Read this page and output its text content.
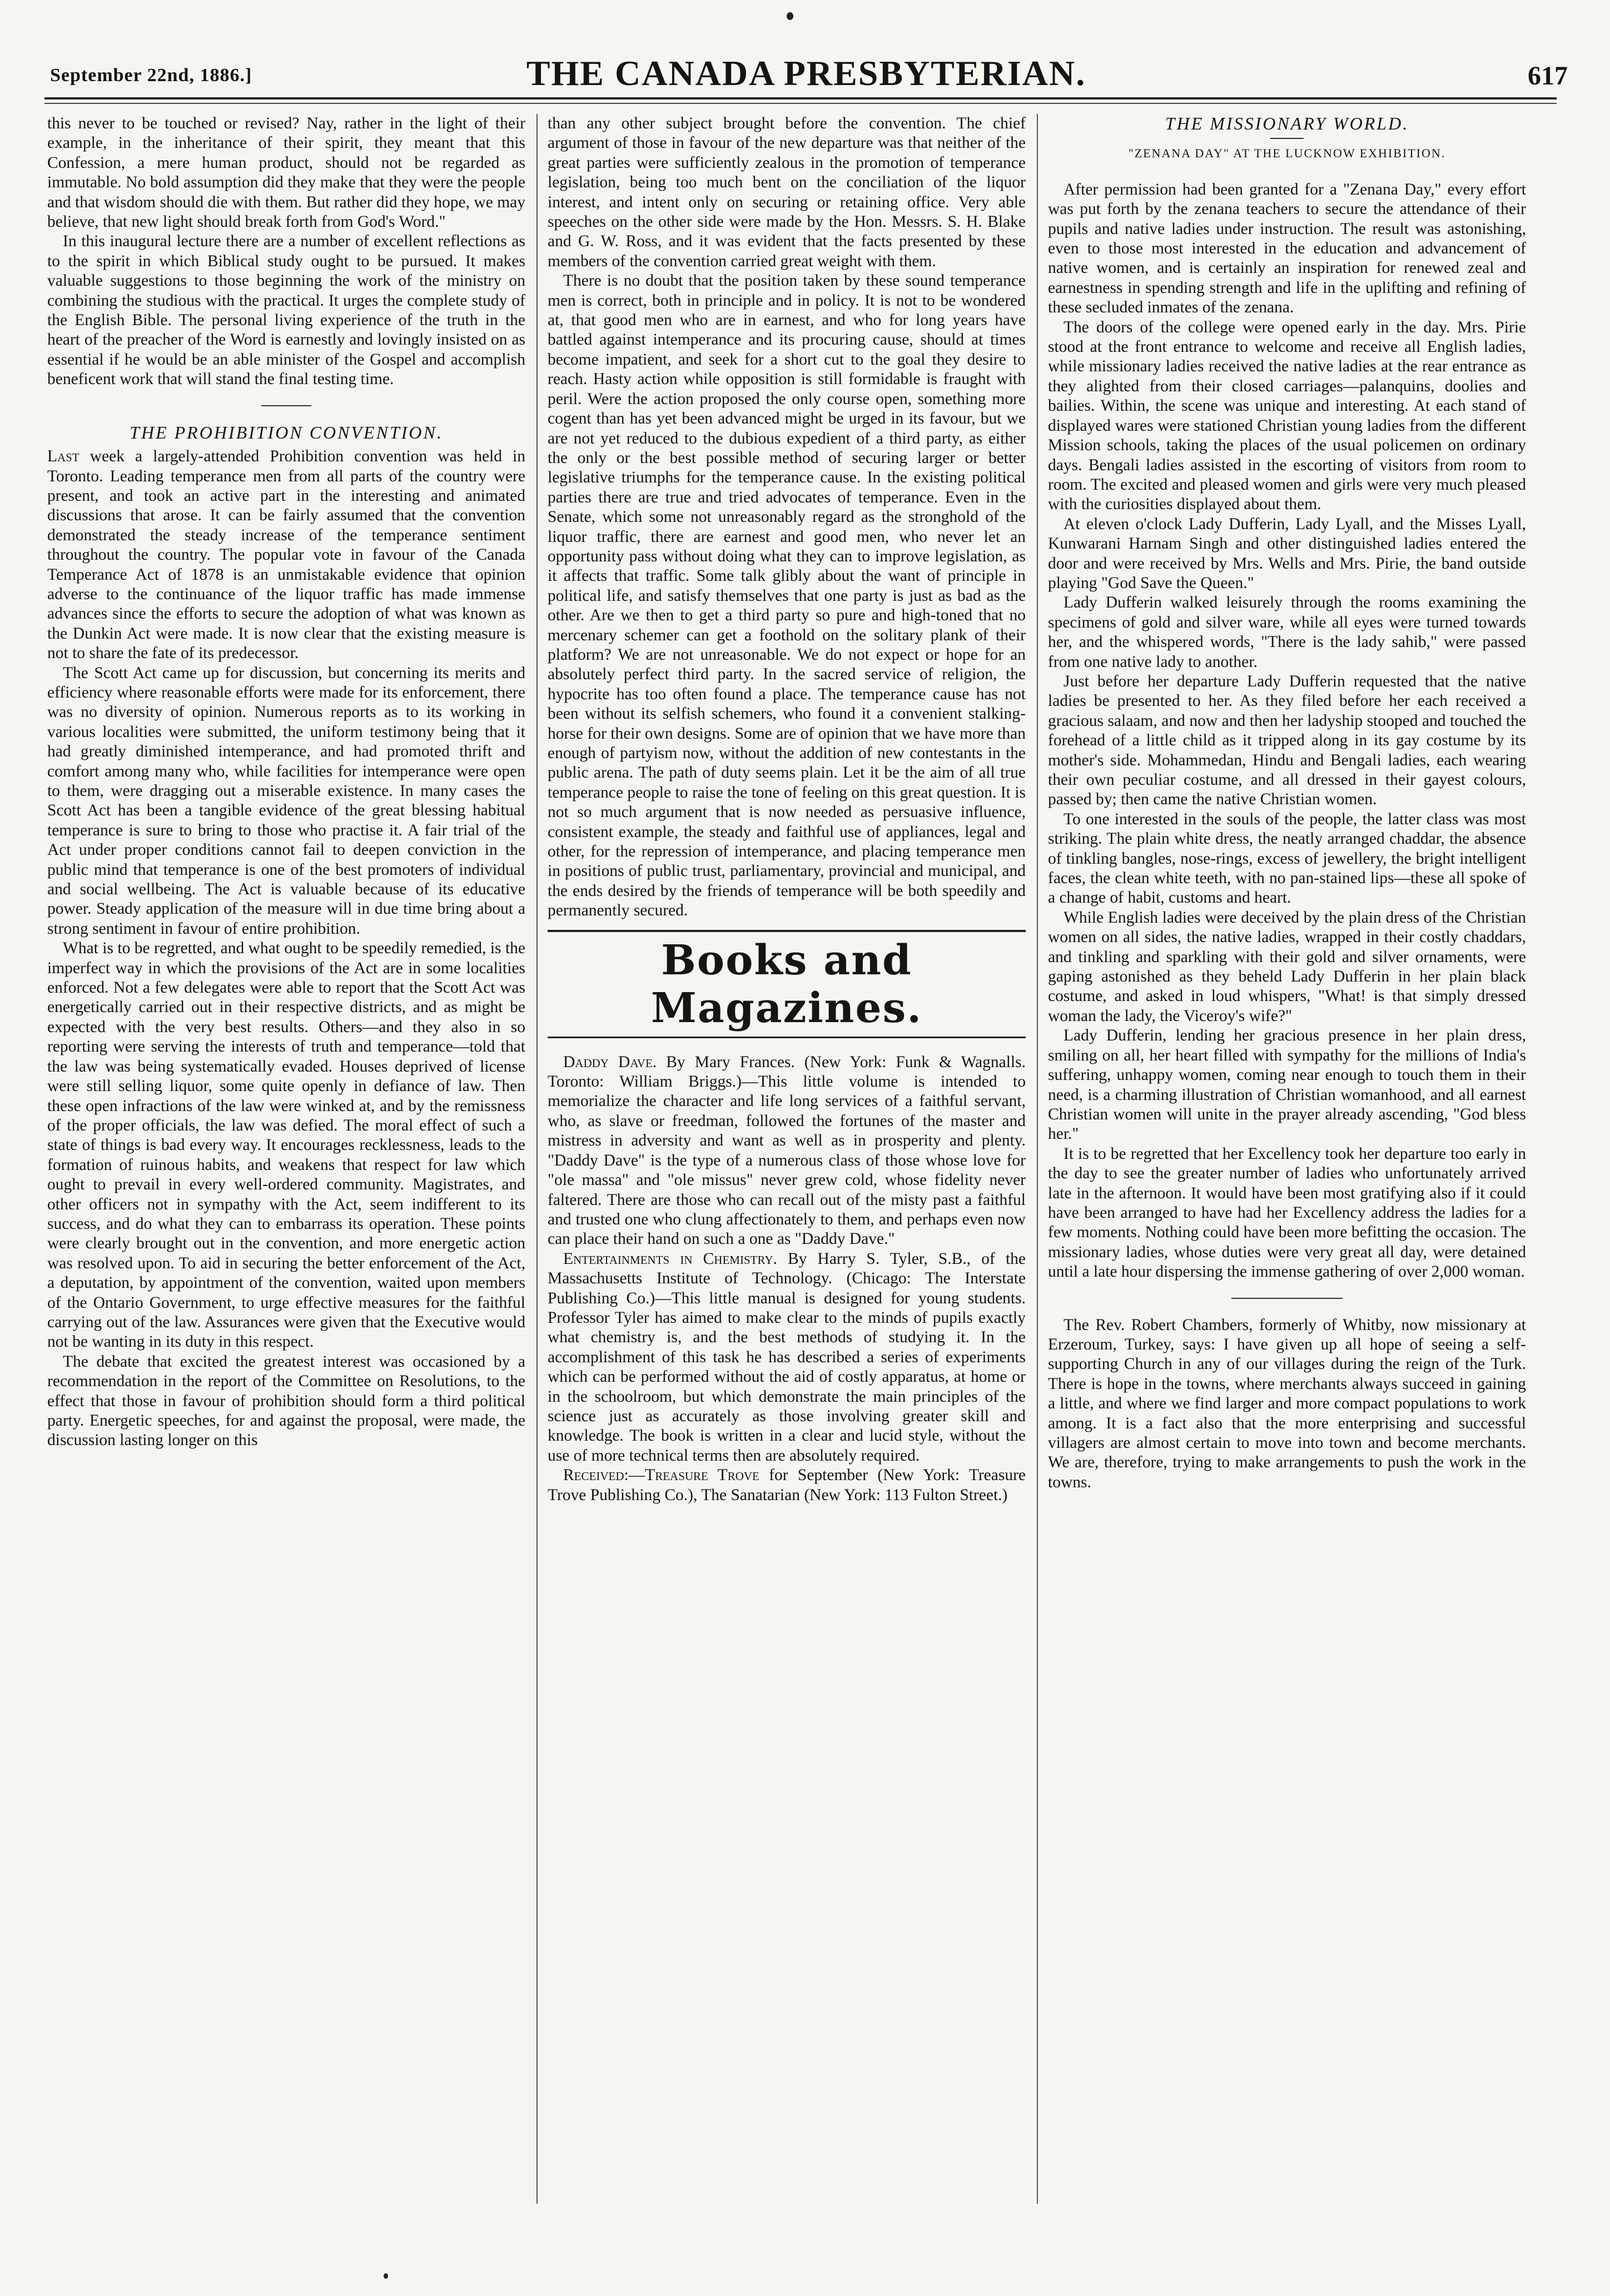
September 22nd, 1886.]	THE CANADA PRESBYTERIAN.	617

this never to be touched or revised? Nay, rather in the light of their example, in the inheritance of their spirit, they meant that this Confession, a mere human product, should not be regarded as immutable. No bold assumption did they make that they were the people and that wisdom should die with them. But rather did they hope, we may believe, that new light should break forth from God's Word."

In this inaugural lecture there are a number of excellent reflections as to the spirit in which Biblical study ought to be pursued. It makes valuable suggestions to those beginning the work of the ministry on combining the studious with the practical. It urges the complete study of the English Bible. The personal living experience of the truth in the heart of the preacher of the Word is earnestly and lovingly insisted on as essential if he would be an able minister of the Gospel and accomplish beneficent work that will stand the final testing time.

THE PROHIBITION CONVENTION.

Last week a largely-attended Prohibition convention was held in Toronto. Leading temperance men from all parts of the country were present, and took an active part in the interesting and animated discussions that arose. It can be fairly assumed that the convention demonstrated the steady increase of the temperance sentiment throughout the country. The popular vote in favour of the Canada Temperance Act of 1878 is an unmistakable evidence that opinion adverse to the continuance of the liquor traffic has made immense advances since the efforts to secure the adoption of what was known as the Dunkin Act were made. It is now clear that the existing measure is not to share the fate of its predecessor.

The Scott Act came up for discussion, but concerning its merits and efficiency where reasonable efforts were made for its enforcement, there was no diversity of opinion. Numerous reports as to its working in various localities were submitted, the uniform testimony being that it had greatly diminished intemperance, and had promoted thrift and comfort among many who, while facilities for intemperance were open to them, were dragging out a miserable existence. In many cases the Scott Act has been a tangible evidence of the great blessing habitual temperance is sure to bring to those who practise it. A fair trial of the Act under proper conditions cannot fail to deepen conviction in the public mind that temperance is one of the best promoters of individual and social wellbeing. The Act is valuable because of its educative power. Steady application of the measure will in due time bring about a strong sentiment in favour of entire prohibition.

What is to be regretted, and what ought to be speedily remedied, is the imperfect way in which the provisions of the Act are in some localities enforced. Not a few delegates were able to report that the Scott Act was energetically carried out in their respective districts, and as might be expected with the very best results. Others—and they also in so reporting were serving the interests of truth and temperance—told that the law was being systematically evaded. Houses deprived of license were still selling liquor, some quite openly in defiance of law. Then these open infractions of the law were winked at, and by the remissness of the proper officials, the law was defied. The moral effect of such a state of things is bad every way. It encourages recklessness, leads to the formation of ruinous habits, and weakens that respect for law which ought to prevail in every well-ordered community. Magistrates, and other officers not in sympathy with the Act, seem indifferent to its success, and do what they can to embarrass its operation. These points were clearly brought out in the convention, and more energetic action was resolved upon. To aid in securing the better enforcement of the Act, a deputation, by appointment of the convention, waited upon members of the Ontario Government, to urge effective measures for the faithful carrying out of the law. Assurances were given that the Executive would not be wanting in its duty in this respect.

The debate that excited the greatest interest was occasioned by a recommendation in the report of the Committee on Resolutions, to the effect that those in favour of prohibition should form a third political party. Energetic speeches, for and against the proposal, were made, the discussion lasting longer on this

than any other subject brought before the convention. The chief argument of those in favour of the new departure was that neither of the great parties were sufficiently zealous in the promotion of temperance legislation, being too much bent on the conciliation of the liquor interest, and intent only on securing or retaining office. Very able speeches on the other side were made by the Hon. Messrs. S. H. Blake and G. W. Ross, and it was evident that the facts presented by these members of the convention carried great weight with them.

There is no doubt that the position taken by these sound temperance men is correct, both in principle and in policy. It is not to be wondered at, that good men who are in earnest, and who for long years have battled against intemperance and its procuring cause, should at times become impatient, and seek for a short cut to the goal they desire to reach. Hasty action while opposition is still formidable is fraught with peril. Were the action proposed the only course open, something more cogent than has yet been advanced might be urged in its favour, but we are not yet reduced to the dubious expedient of a third party, as either the only or the best possible method of securing larger or better legislative triumphs for the temperance cause. In the existing political parties there are true and tried advocates of temperance. Even in the Senate, which some not unreasonably regard as the stronghold of the liquor traffic, there are earnest and good men, who never let an opportunity pass without doing what they can to improve legislation, as it affects that traffic. Some talk glibly about the want of principle in political life, and satisfy themselves that one party is just as bad as the other. Are we then to get a third party so pure and high-toned that no mercenary schemer can get a foothold on the solitary plank of their platform? We are not unreasonable. We do not expect or hope for an absolutely perfect third party. In the sacred service of religion, the hypocrite has too often found a place. The temperance cause has not been without its selfish schemers, who found it a convenient stalking-horse for their own designs. Some are of opinion that we have more than enough of partyism now, without the addition of new contestants in the public arena. The path of duty seems plain. Let it be the aim of all true temperance people to raise the tone of feeling on this great question. It is not so much argument that is now needed as persuasive influence, consistent example, the steady and faithful use of appliances, legal and other, for the repression of intemperance, and placing temperance men in positions of public trust, parliamentary, provincial and municipal, and the ends desired by the friends of temperance will be both speedily and permanently secured.

Books and Magazines.

Daddy Dave. By Mary Frances. (New York: Funk & Wagnalls. Toronto: William Briggs.)—This little volume is intended to memorialize the character and life long services of a faithful servant, who, as slave or freedman, followed the fortunes of the master and mistress in adversity and want as well as in prosperity and plenty. "Daddy Dave" is the type of a numerous class of those whose love for "ole massa" and "ole missus" never grew cold, whose fidelity never faltered. There are those who can recall out of the misty past a faithful and trusted one who clung affectionately to them, and perhaps even now can place their hand on such a one as "Daddy Dave."

Entertainments in Chemistry. By Harry S. Tyler, S.B., of the Massachusetts Institute of Technology. (Chicago: The Interstate Publishing Co.)—This little manual is designed for young students. Professor Tyler has aimed to make clear to the minds of pupils exactly what chemistry is, and the best methods of studying it. In the accomplishment of this task he has described a series of experiments which can be performed without the aid of costly apparatus, at home or in the schoolroom, but which demonstrate the main principles of the science just as accurately as those involving greater skill and knowledge. The book is written in a clear and lucid style, without the use of more technical terms then are absolutely required.

Received:—Treasure Trove for September (New York: Treasure Trove Publishing Co.), The Sanatarian (New York: 113 Fulton Street.)

THE MISSIONARY WORLD.
"ZENANA DAY" AT THE LUCKNOW EXHIBITION.

After permission had been granted for a "Zenana Day," every effort was put forth by the zenana teachers to secure the attendance of their pupils and native ladies under instruction. The result was astonishing, even to those most interested in the education and advancement of native women, and is certainly an inspiration for renewed zeal and earnestness in spending strength and life in the uplifting and refining of these secluded inmates of the zenana.

The doors of the college were opened early in the day. Mrs. Pirie stood at the front entrance to welcome and receive all English ladies, while missionary ladies received the native ladies at the rear entrance as they alighted from their closed carriages—palanquins, doolies and bailies. Within, the scene was unique and interesting. At each stand of displayed wares were stationed Christian young ladies from the different Mission schools, taking the places of the usual policemen on ordinary days. Bengali ladies assisted in the escorting of visitors from room to room. The excited and pleased women and girls were very much pleased with the curiosities displayed about them.

At eleven o'clock Lady Dufferin, Lady Lyall, and the Misses Lyall, Kunwarani Harnam Singh and other distinguished ladies entered the door and were received by Mrs. Wells and Mrs. Pirie, the band outside playing "God Save the Queen."

Lady Dufferin walked leisurely through the rooms examining the specimens of gold and silver ware, while all eyes were turned towards her, and the whispered words, "There is the lady sahib," were passed from one native lady to another.

Just before her departure Lady Dufferin requested that the native ladies be presented to her. As they filed before her each received a gracious salaam, and now and then her ladyship stooped and touched the forehead of a little child as it tripped along in its gay costume by its mother's side. Mohammedan, Hindu and Bengali ladies, each wearing their own peculiar costume, and all dressed in their gayest colours, passed by; then came the native Christian women.

To one interested in the souls of the people, the latter class was most striking. The plain white dress, the neatly arranged chaddar, the absence of tinkling bangles, nose-rings, excess of jewellery, the bright intelligent faces, the clean white teeth, with no pan-stained lips—these all spoke of a change of habit, customs and heart.

While English ladies were deceived by the plain dress of the Christian women on all sides, the native ladies, wrapped in their costly chaddars, and tinkling and sparkling with their gold and silver ornaments, were gaping astonished as they beheld Lady Dufferin in her plain black costume, and asked in loud whispers, "What! is that simply dressed woman the lady, the Viceroy's wife?"

Lady Dufferin, lending her gracious presence in her plain dress, smiling on all, her heart filled with sympathy for the millions of India's suffering, unhappy women, coming near enough to touch them in their need, is a charming illustration of Christian womanhood, and all earnest Christian women will unite in the prayer already ascending, "God bless her."

It is to be regretted that her Excellency took her departure too early in the day to see the greater number of ladies who unfortunately arrived late in the afternoon. It would have been most gratifying also if it could have been arranged to have had her Excellency address the ladies for a few moments. Nothing could have been more befitting the occasion. The missionary ladies, whose duties were very great all day, were detained until a late hour dispersing the immense gathering of over 2,000 woman.

The Rev. Robert Chambers, formerly of Whitby, now missionary at Erzeroum, Turkey, says: I have given up all hope of seeing a self-supporting Church in any of our villages during the reign of the Turk. There is hope in the towns, where merchants always succeed in gaining a little, and where we find larger and more compact populations to work among. It is a fact also that the more enterprising and successful villagers are almost certain to move into town and become merchants. We are, therefore, trying to make arrangements to push the work in the towns.
